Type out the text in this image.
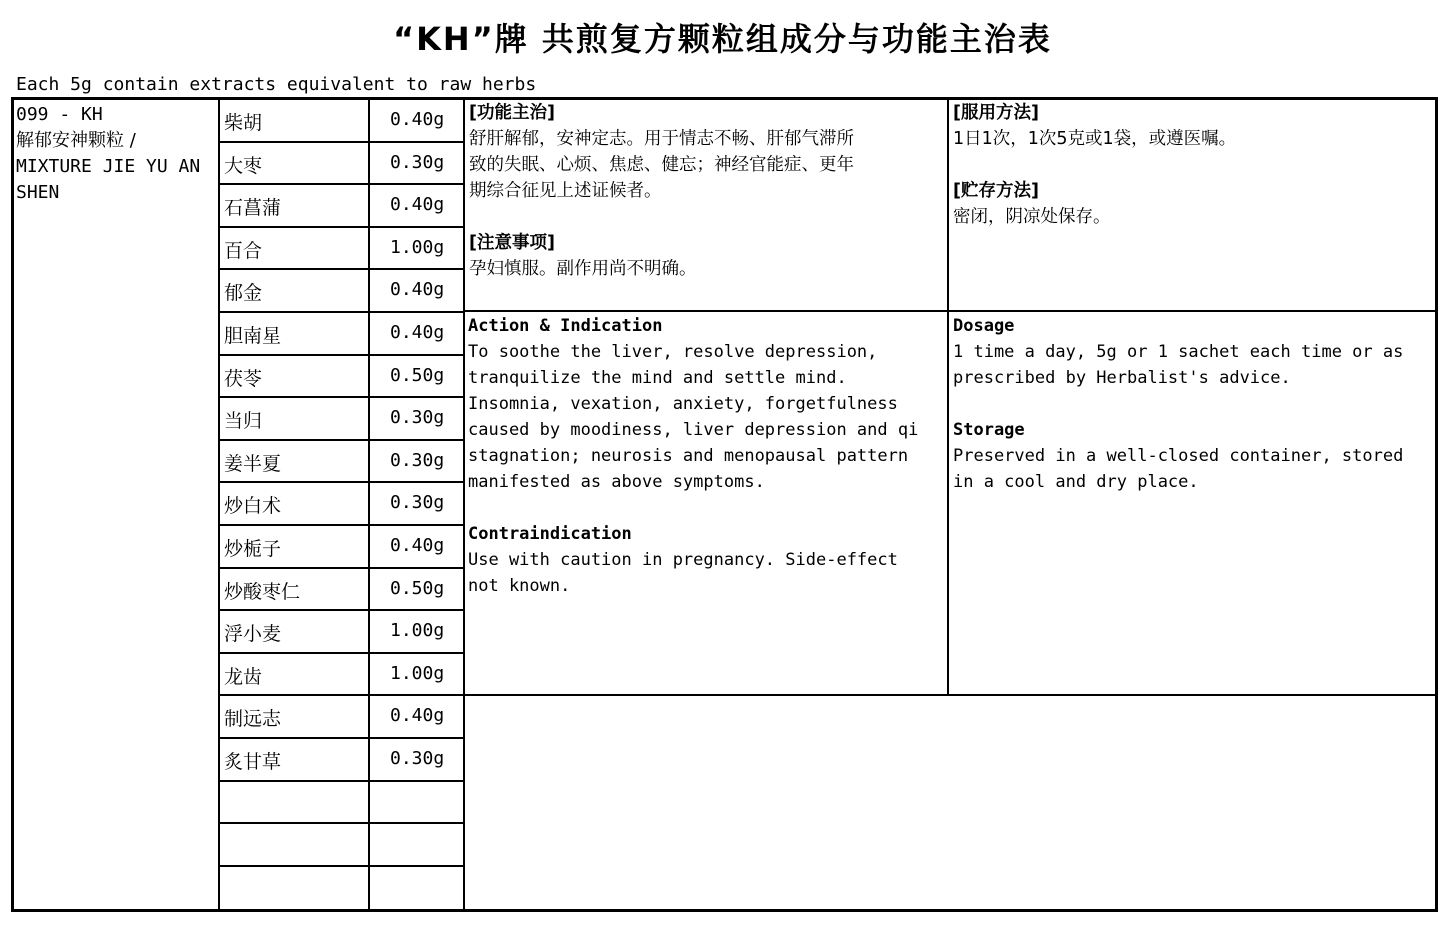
“KH”牌 共煎复方颗粒组成分与功能主治表
Each 5g contain extracts equivalent to raw herbs
099 - KH
解郁安神颗粒 /
MIXTURE JIE YU AN
SHEN
柴胡	0.40g
大枣	0.30g
石菖蒲	0.40g
百合	1.00g
郁金	0.40g
胆南星	0.40g
茯苓	0.50g
当归	0.30g
姜半夏	0.30g
炒白术	0.30g
炒栀子	0.40g
炒酸枣仁	0.50g
浮小麦	1.00g
龙齿	1.00g
制远志	0.40g
炙甘草	0.30g

[功能主治]

舒肝解郁，安神定志。用于情志不畅、肝郁气滞所

致的失眠、心烦、焦虑、健忘；神经官能症、更年

期综合征见上述证候者。

[注意事项]

孕妇慎服。副作用尚不明确。

[服用方法]

1日1次，1次5克或1袋，或遵医嘱。

[贮存方法]

密闭，阴凉处保存。

Action & Indication

To soothe the liver, resolve depression,

tranquilize the mind and settle mind.

Insomnia, vexation, anxiety, forgetfulness

caused by moodiness, liver depression and qi

stagnation; neurosis and menopausal pattern

manifested as above symptoms.

Contraindication

Use with caution in pregnancy. Side-effect

not known.

Dosage

1 time a day, 5g or 1 sachet each time or as

prescribed by Herbalist's advice.

Storage

Preserved in a well-closed container, stored

in a cool and dry place.
